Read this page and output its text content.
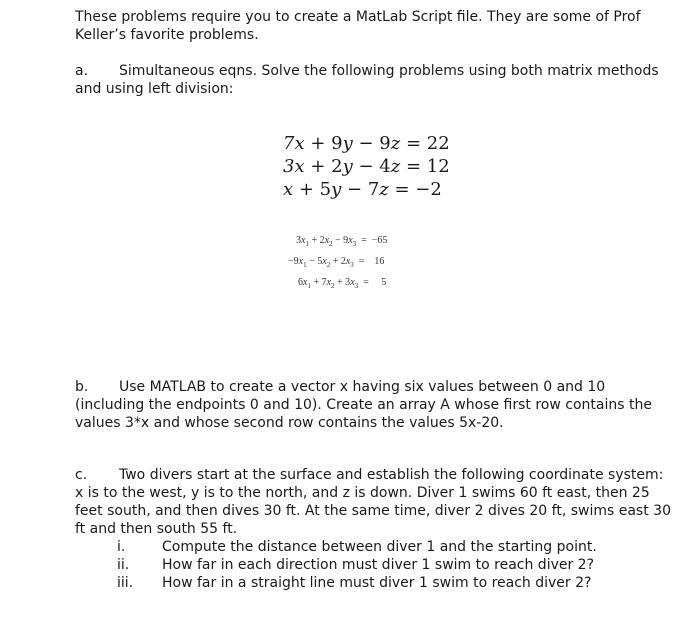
These problems require you to create a MatLab Script file. They are some of Prof Keller’s favorite problems.
a. Simultaneous eqns. Solve the following problems using both matrix methods and using left division:
7x + 9y − 9z = 22
3x + 2y − 4z = 12
x + 5y − 7z = −2
$3x_1 + 2x_2 - 9x_3 = -65$
$-9x_1 - 5x_2 + 2x_3$  =    16
$6x_1 + 7x_2 + 3x_3$  =     5
b. Use MATLAB to create a vector x having six values between 0 and 10 (including the endpoints 0 and 10). Create an array A whose first row contains the values 3*x and whose second row contains the values 5x-20.
c. Two divers start at the surface and establish the following coordinate system: x is to the west, y is to the north, and z is down. Diver 1 swims 60 ft east, then 25 feet south, and then dives 30 ft. At the same time, diver 2 dives 20 ft, swims east 30 ft and then south 55 ft.
i.	Compute the distance between diver 1 and the starting point.
ii. How far in each direction must diver 1 swim to reach diver 2?
iii. How far in a straight line must diver 1 swim to reach diver 2?
